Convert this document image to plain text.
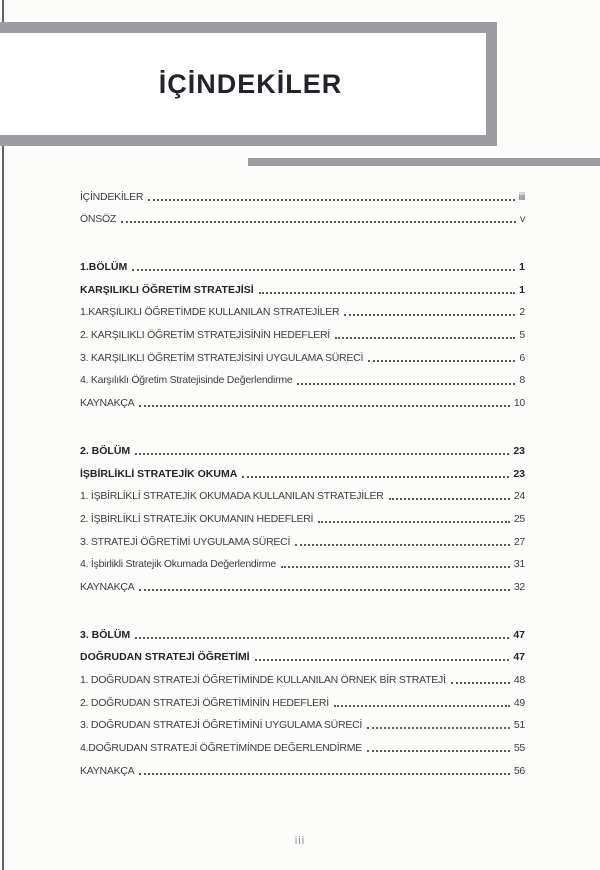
İÇİNDEKİLER
İÇİNDEKİLER	iii
ÖNSÖZ	v
1.BÖLÜM	1
KARŞILIKLI ÖĞRETİM STRATEJİSİ	1
1.KARŞILIKLI ÖĞRETİMDE KULLANILAN STRATEJİLER	2
2. KARŞILIKLI ÖĞRETİM STRATEJİSİNİN HEDEFLERİ	5
3. KARŞILIKLI ÖĞRETİM STRATEJİSİNİ UYGULAMA SÜRECİ	6
4. Karşılıklı Öğretim Stratejisinde Değerlendirme	8
KAYNAKÇA	10
2. BÖLÜM	23
İŞBİRLİKLİ STRATEJİK OKUMA	23
1. İŞBİRLİKLİ STRATEJİK OKUMADA KULLANILAN STRATEJİLER	24
2. İŞBİRLİKLİ STRATEJİK OKUMANIN HEDEFLERİ	25
3. STRATEJİ ÖĞRETİMİ UYGULAMA SÜRECİ	27
4. İşbirlikli Stratejik Okumada Değerlendirme	31
KAYNAKÇA	32
3. BÖLÜM	47
DOĞRUDAN STRATEJİ ÖĞRETİMİ	47
1. DOĞRUDAN STRATEJİ ÖĞRETİMİNDE KULLANILAN ÖRNEK BİR STRATEJİ	48
2. DOĞRUDAN STRATEJİ ÖĞRETİMİNİN HEDEFLERİ	49
3. DOĞRUDAN STRATEJİ ÖĞRETİMİNİ UYGULAMA SÜRECİ	51
4.DOĞRUDAN STRATEJİ ÖĞRETİMİNDE DEĞERLENDİRME	55
KAYNAKÇA	56
iii
